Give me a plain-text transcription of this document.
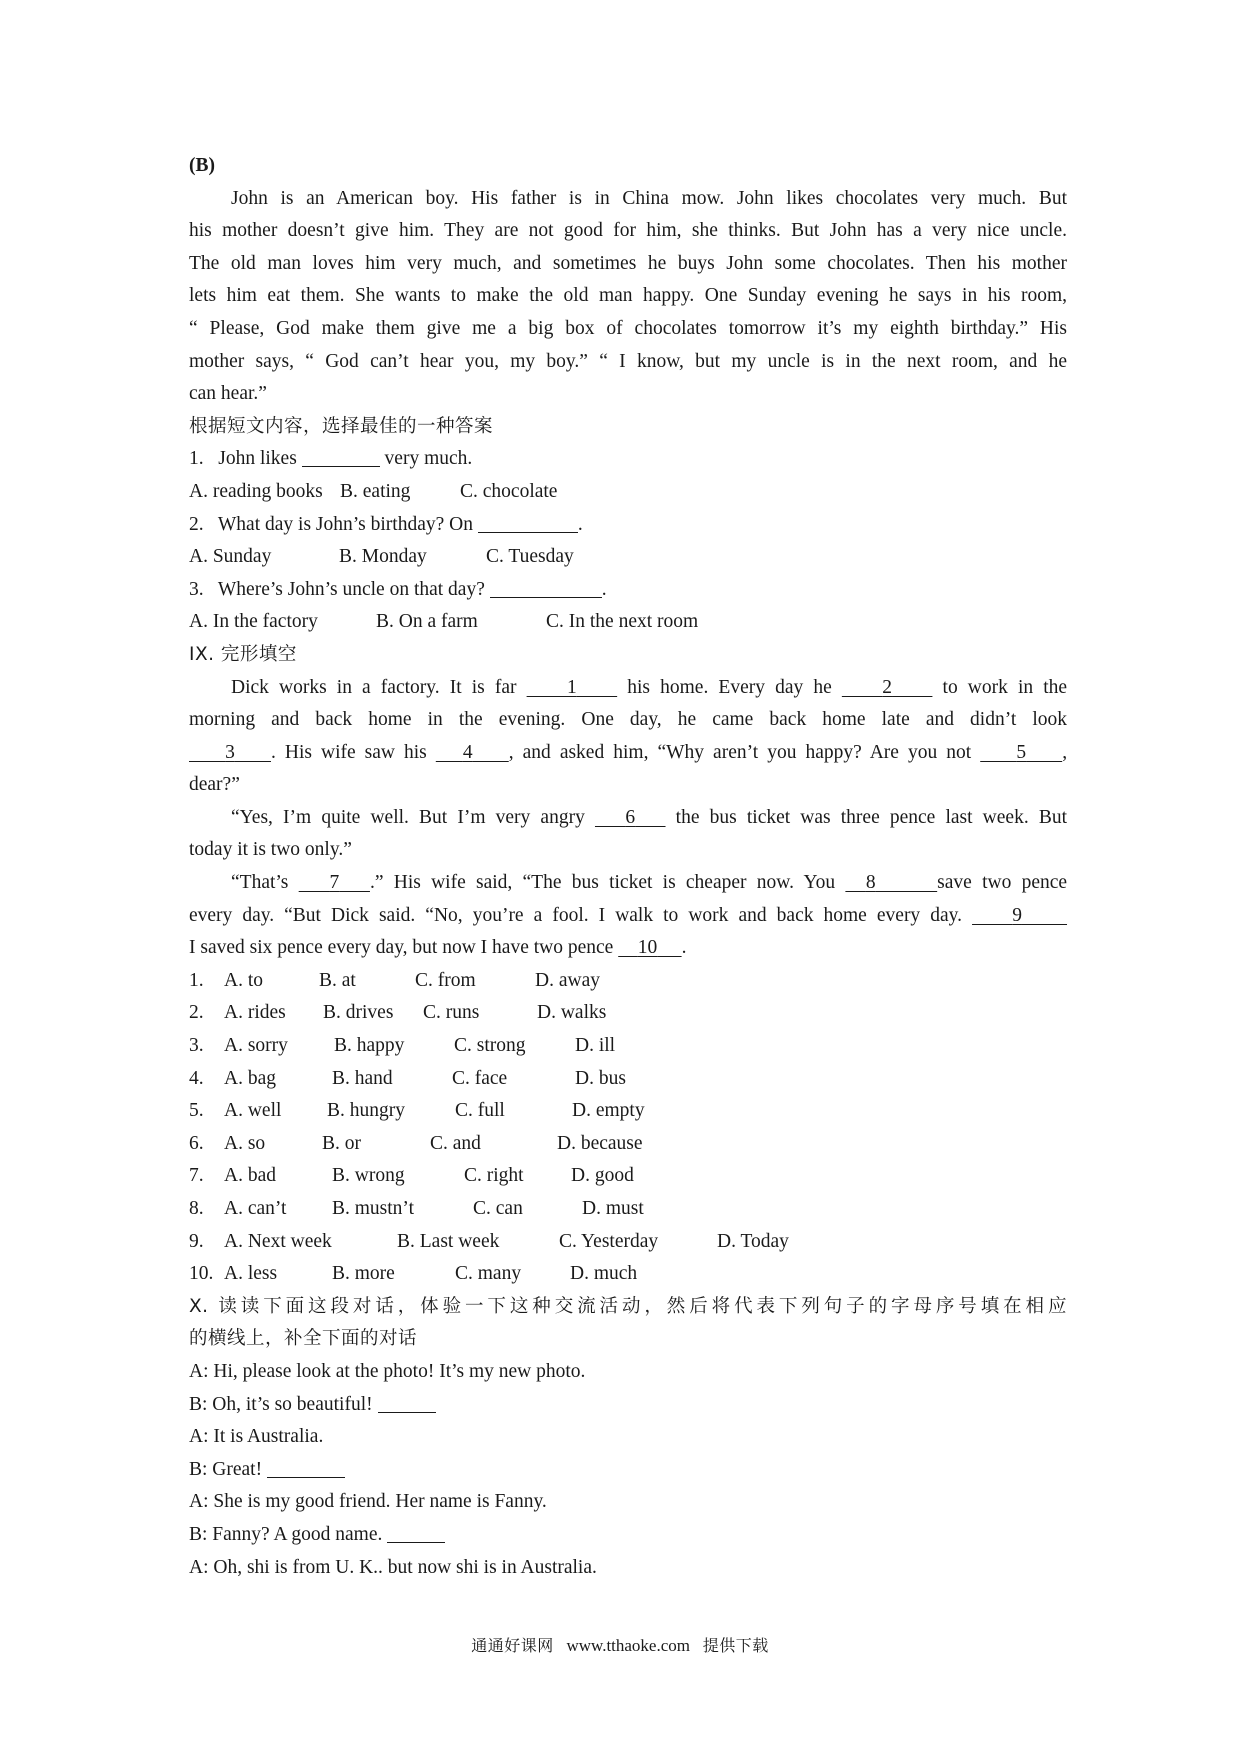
(B)
John is an American boy. His father is in China mow. John likes chocolates very much. But
his mother doesn’t give him. They are not good for him, she thinks. But John has a very nice uncle.
The old man loves him very much, and sometimes he buys John some chocolates. Then his mother
lets him eat them. She wants to make the old man happy. One Sunday evening he says in his room,
“ Please, God make them give me a big box of chocolates tomorrow it’s my eighth birthday.” His
mother says, “ God can’t hear you, my boy.” “ I know, but my uncle is in the next room, and he
can hear.”
根据短文内容，选择最佳的一种答案
1. John likes	very much.
A. reading books B. eating	C. chocolate
2. What day is John’s birthday? On	.
A. Sunday	B. Monday	C. Tuesday
3. Where’s John’s uncle on that day?	.
A. In the factory	B. On a farm	C. In the next room
IX. 完形填空
Dick works in a factory. It is far	1	his home. Every day he	2	to work in the
morning and back home in the evening. One day, he came back home late and didn’t look
3 . His wife saw his 4 , and asked him, “Why aren’t you happy? Are you not 5 ,
dear?”
“Yes, I’m quite well. But I’m very angry 6 the bus ticket was three pence last week. But
today it is two only.”
“That’s 7 .” His wife said, “The bus ticket is cheaper now. You 8	save two pence
every day. “But Dick said. “No, you’re a fool. I walk to work and back home every day.	9
I saved six pence every day, but now I have two pence 10 .
1. A. to	B. at	C. from	D. away
2. A. rides B. drives C. runs	D. walks
3. A. sorry B. happy	C. strong	D. ill
4. A. bag	B. hand	C. face	D. bus
5. A. well B. hungry	C. full	D. empty
6. A. so	B. or	C. and	D. because
7. A. bad	B. wrong	C. right D. good
8. A. can’t B. mustn’t	C. can	D. must
9. A. Next week	B. Last week	C. Yesterday	D. Today
10. A. less	B. more	C. many	D. much
X. 读读下面这段对话，体验一下这种交流活动，然后将代表下列句子的字母序号填在相应
的横线上，补全下面的对话
A: Hi, please look at the photo! It’s my new photo.
B: Oh, it’s so beautiful!
A: It is Australia.
B: Great!
A: She is my good friend. Her name is Fanny.
B: Fanny? A good name.
A: Oh, shi is from U. K.. but now shi is in Australia.
通通好课网 www.tthaoke.com 提供下载
